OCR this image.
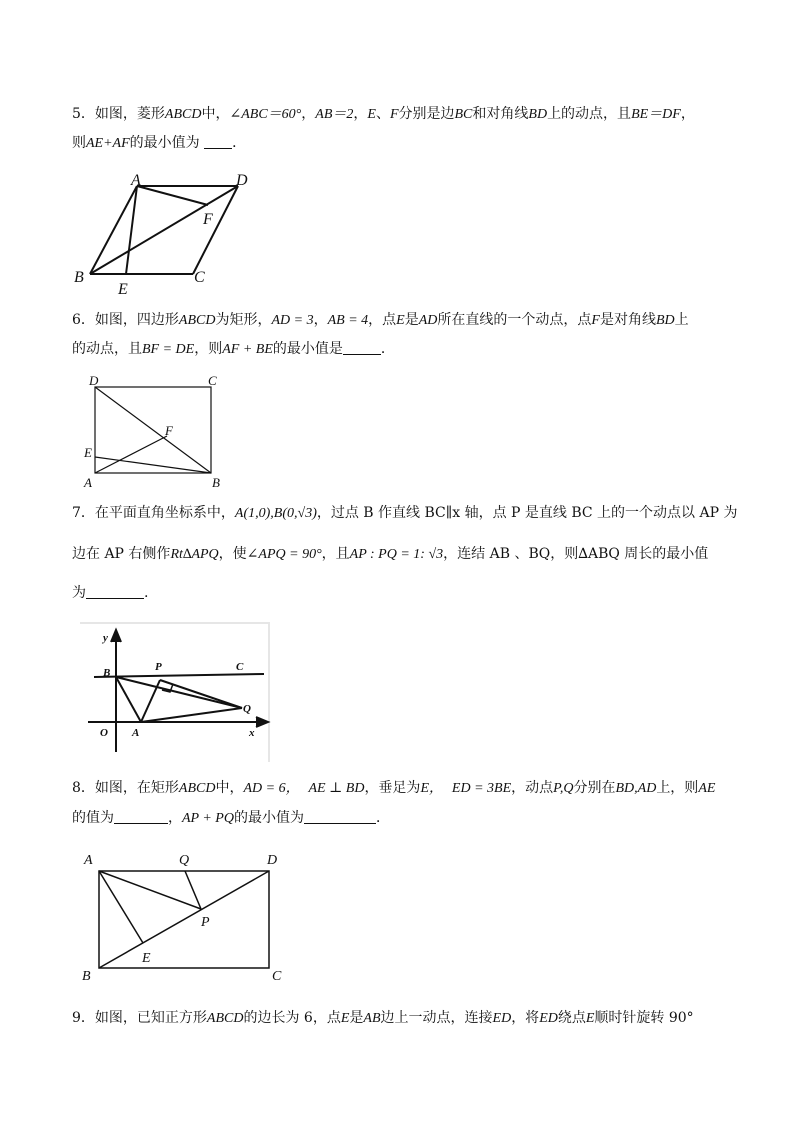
5．如图，菱形ABCD中，∠ABC＝60°，AB＝2，E、F分别是边BC和对角线BD上的动点，且BE＝DF，
则AE+AF的最小值为 ．
A	D
F
B	C
E
6．如图，四边形ABCD为矩形，AD = 3，AB = 4，点E是AD所在直线的一个动点，点F是对角线BD上
的动点，且BF = DE，则AF + BE的最小值是	．
D	C
F
E
A	B
7．在平面直角坐标系中，A(1,0),B(0,√3)，过点 B 作直线 BC∥x 轴，点 P 是直线 BC 上的一个动点以 AP 为
边在 AP 右侧作Rt∆APQ，使∠APQ = 90°，且AP : PQ = 1: √3，连结 AB 、BQ，则∆ABQ 周长的最小值
为	.
y
B	P	C
Q
O A	x
8．如图，在矩形ABCD中，AD = 6， AE ⊥ BD，垂足为E， ED = 3BE，动点P,Q分别在BD,AD上，则AE
的值为	，AP + PQ的最小值为	．
A	Q	D
P
E
B	C
9．如图，已知正方形ABCD的边长为 6，点E是AB边上一动点，连接ED，将ED绕点E顺时针旋转 90°
